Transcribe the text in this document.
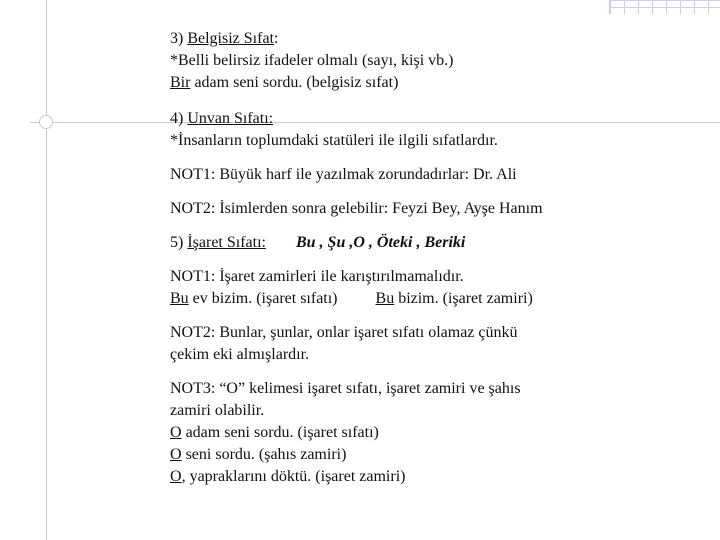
3) Belgisiz Sıfat:
*Belli belirsiz ifadeler olmalı (sayı, kişi vb.)
Bir adam seni sordu. (belgisiz sıfat)
4) Unvan Sıfatı:
*İnsanların toplumdaki statüleri ile ilgili sıfatlardır.
NOT1: Büyük harf ile yazılmak zorundadırlar: Dr. Ali
NOT2: İsimlerden sonra gelebilir: Feyzi Bey, Ayşe Hanım
5) İşaret Sıfatı: Bu , Şu ,O , Öteki , Beriki
NOT1: İşaret zamirleri ile karıştırılmamalıdır.
Bu ev bizim. (işaret sıfatı) Bu bizim. (işaret zamiri)
NOT2: Bunlar, şunlar, onlar işaret sıfatı olamaz çünkü
çekim eki almışlardır.
NOT3: “O” kelimesi işaret sıfatı, işaret zamiri ve şahıs
zamiri olabilir.
O adam seni sordu. (işaret sıfatı)
O seni sordu. (şahıs zamiri)
O, yapraklarını döktü. (işaret zamiri)
